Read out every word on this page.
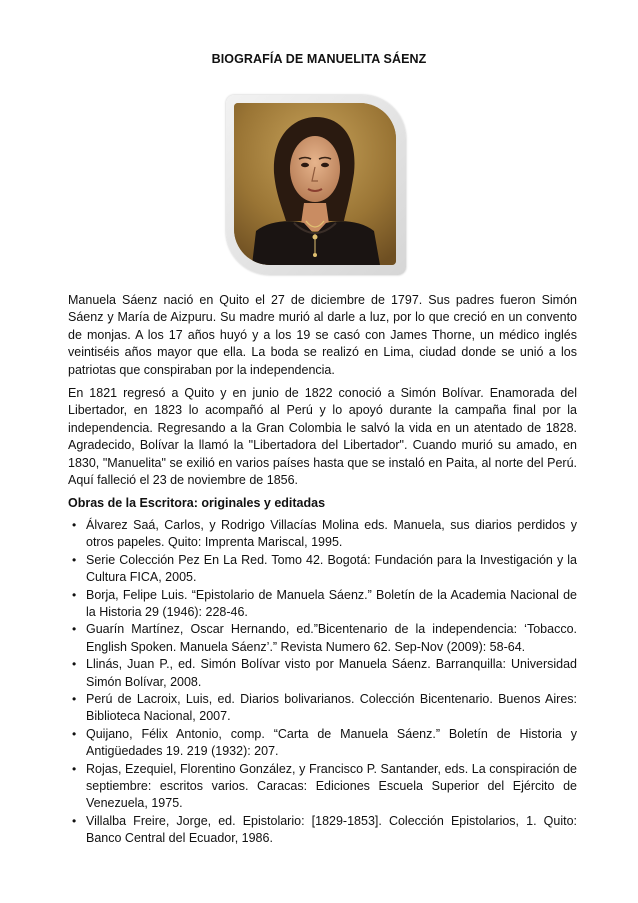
BIOGRAFÍA DE MANUELITA SÁENZ

Manuela Sáenz nació en Quito el 27 de diciembre de 1797. Sus padres fueron Simón Sáenz y María de Aizpuru. Su madre murió al darle a luz, por lo que creció en un convento de monjas. A los 17 años huyó y a los 19 se casó con James Thorne, un médico inglés veintiséis años mayor que ella. La boda se realizó en Lima, ciudad donde se unió a los patriotas que conspiraban por la independencia.

En 1821 regresó a Quito y en junio de 1822 conoció a Simón Bolívar. Enamorada del Libertador, en 1823 lo acompañó al Perú y lo apoyó durante la campaña final por la independencia. Regresando a la Gran Colombia le salvó la vida en un atentado de 1828. Agradecido, Bolívar la llamó la "Libertadora del Libertador". Cuando murió su amado, en 1830, "Manuelita" se exilió en varios países hasta que se instaló en Paita, al norte del Perú. Aquí falleció el 23 de noviembre de 1856.

Obras de la Escritora: originales y editadas
• Álvarez Saá, Carlos, y Rodrigo Villacías Molina eds. Manuela, sus diarios perdidos y otros papeles. Quito: Imprenta Mariscal, 1995.
• Serie Colección Pez En La Red. Tomo 42. Bogotá: Fundación para la Investigación y la Cultura FICA, 2005.
• Borja, Felipe Luis. “Epistolario de Manuela Sáenz.” Boletín de la Academia Nacional de la Historia 29 (1946): 228-46.
• Guarín Martínez, Oscar Hernando, ed.”Bicentenario de la independencia: ‘Tobacco. English Spoken. Manuela Sáenz’.” Revista Numero 62. Sep-Nov (2009): 58-64.
• Llinás, Juan P., ed. Simón Bolívar visto por Manuela Sáenz. Barranquilla: Universidad Simón Bolívar, 2008.
• Perú de Lacroix, Luis, ed. Diarios bolivarianos. Colección Bicentenario. Buenos Aires: Biblioteca Nacional, 2007.
• Quijano, Félix Antonio, comp. “Carta de Manuela Sáenz.” Boletín de Historia y Antigüedades 19. 219 (1932): 207.
• Rojas, Ezequiel, Florentino González, y Francisco P. Santander, eds. La conspiración de septiembre: escritos varios. Caracas: Ediciones Escuela Superior del Ejército de Venezuela, 1975.
• Villalba Freire, Jorge, ed. Epistolario: [1829-1853]. Colección Epistolarios, 1. Quito: Banco Central del Ecuador, 1986.
